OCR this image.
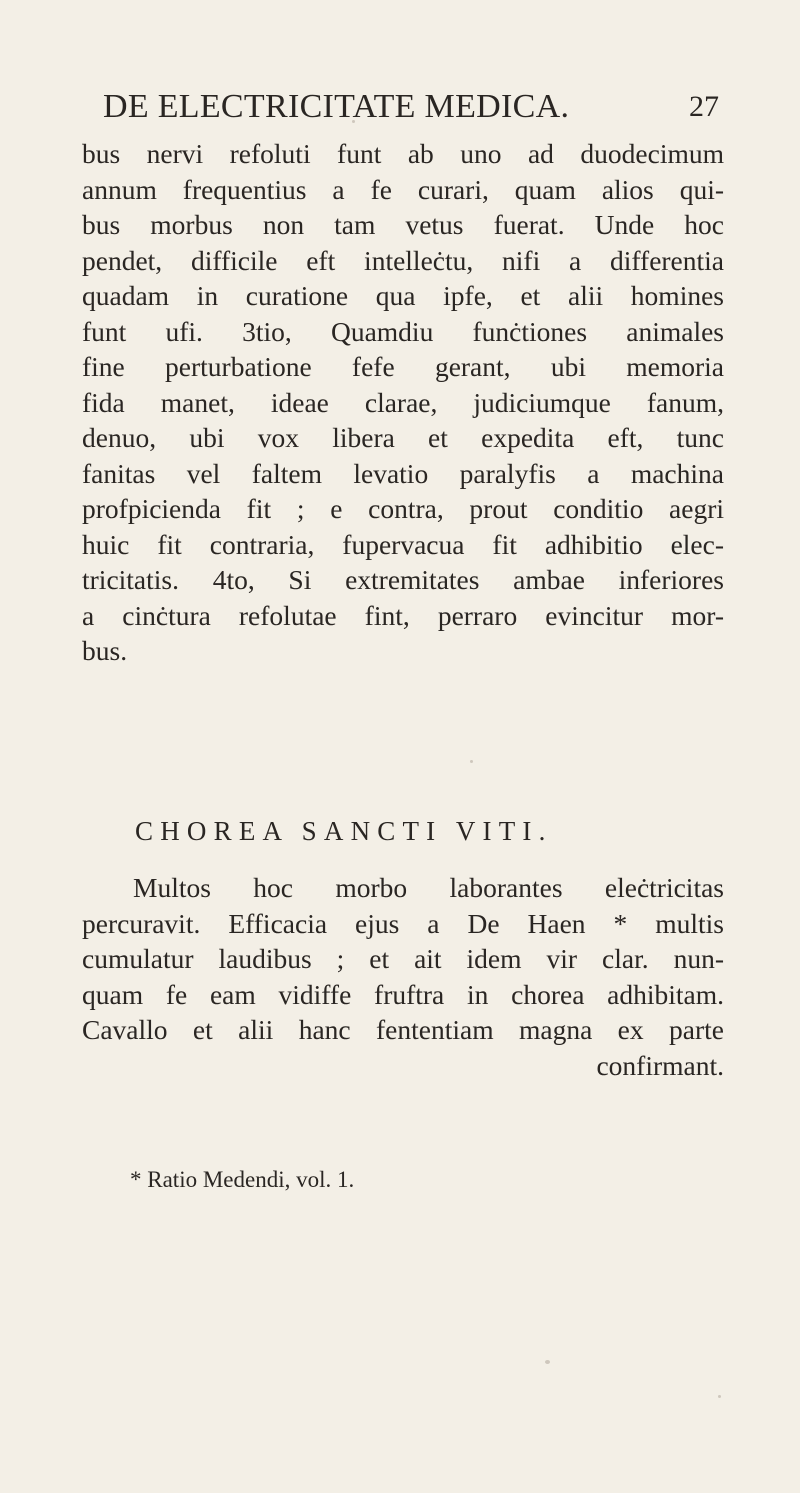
DE ELECTRICITATE MEDICA.	27
bus nervi refoluti funt ab uno ad duodecimum
annum frequentius a fe curari, quam alios qui-
bus morbus non tam vetus fuerat. Unde hoc
pendet, difficile eft intelleċtu, nifi a differentia
quadam in curatione qua ipfe, et alii homines
funt ufi. 3tio, Quamdiu funċtiones animales
fine perturbatione fefe gerant, ubi memoria
fida manet, ideae clarae, judiciumque fanum,
denuo, ubi vox libera et expedita eft, tunc
fanitas vel faltem levatio paralyfis a machina
profpicienda fit ; e contra, prout conditio aegri
huic fit contraria, fupervacua fit adhibitio elec-
tricitatis. 4to, Si extremitates ambae inferiores
a cinċtura refolutae fint, perraro evincitur mor-
bus.
CHOREA SANCTI VITI.
Multos hoc morbo laborantes eleċtricitas
percuravit. Efficacia ejus a De Haen * multis
cumulatur laudibus ; et ait idem vir clar. nun-
quam fe eam vidiffe fruftra in chorea adhibitam.
Cavallo et alii hanc fententiam magna ex parte
confirmant.
* Ratio Medendi, vol. 1.
